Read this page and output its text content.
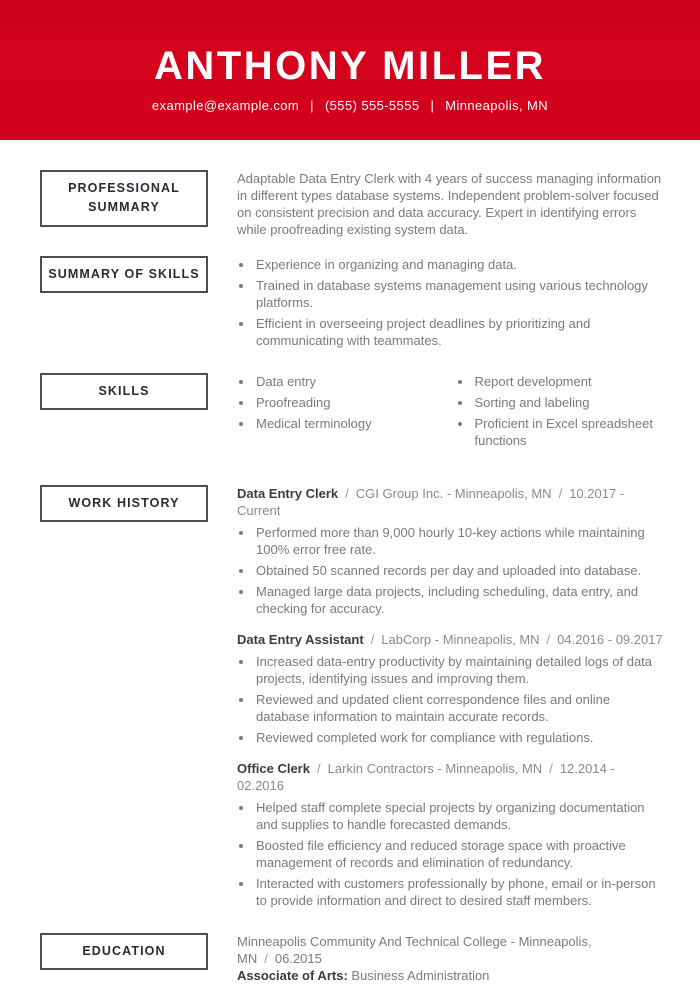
ANTHONY MILLER
example@example.com | (555) 555-5555 | Minneapolis, MN
PROFESSIONAL SUMMARY

Adaptable Data Entry Clerk with 4 years of success managing information in different types database systems. Independent problem-solver focused on consistent precision and data accuracy. Expert in identifying errors while proofreading existing system data.

SUMMARY OF SKILLS
• Experience in organizing and managing data.
• Trained in database systems management using various technology platforms.
• Efficient in overseeing project deadlines by prioritizing and communicating with teammates.
SKILLS
• Data entry
• Proofreading
• Medical terminology
• Report development
• Sorting and labeling
• Proficient in Excel spreadsheet functions
WORK HISTORY
Data Entry Clerk / CGI Group Inc. - Minneapolis, MN / 10.2017 - Current
• Performed more than 9,000 hourly 10-key actions while maintaining 100% error free rate.
• Obtained 50 scanned records per day and uploaded into database.
• Managed large data projects, including scheduling, data entry, and checking for accuracy.
Data Entry Assistant / LabCorp - Minneapolis, MN / 04.2016 - 09.2017
• Increased data-entry productivity by maintaining detailed logs of data projects, identifying issues and improving them.
• Reviewed and updated client correspondence files and online database information to maintain accurate records.
• Reviewed completed work for compliance with regulations.
Office Clerk / Larkin Contractors - Minneapolis, MN / 12.2014 - 02.2016
• Helped staff complete special projects by organizing documentation and supplies to handle forecasted demands.
• Boosted file efficiency and reduced storage space with proactive management of records and elimination of redundancy.
• Interacted with customers professionally by phone, email or in-person to provide information and direct to desired staff members.
EDUCATION

Minneapolis Community And Technical College - Minneapolis, MN / 06.2015

Associate of Arts: Business Administration
